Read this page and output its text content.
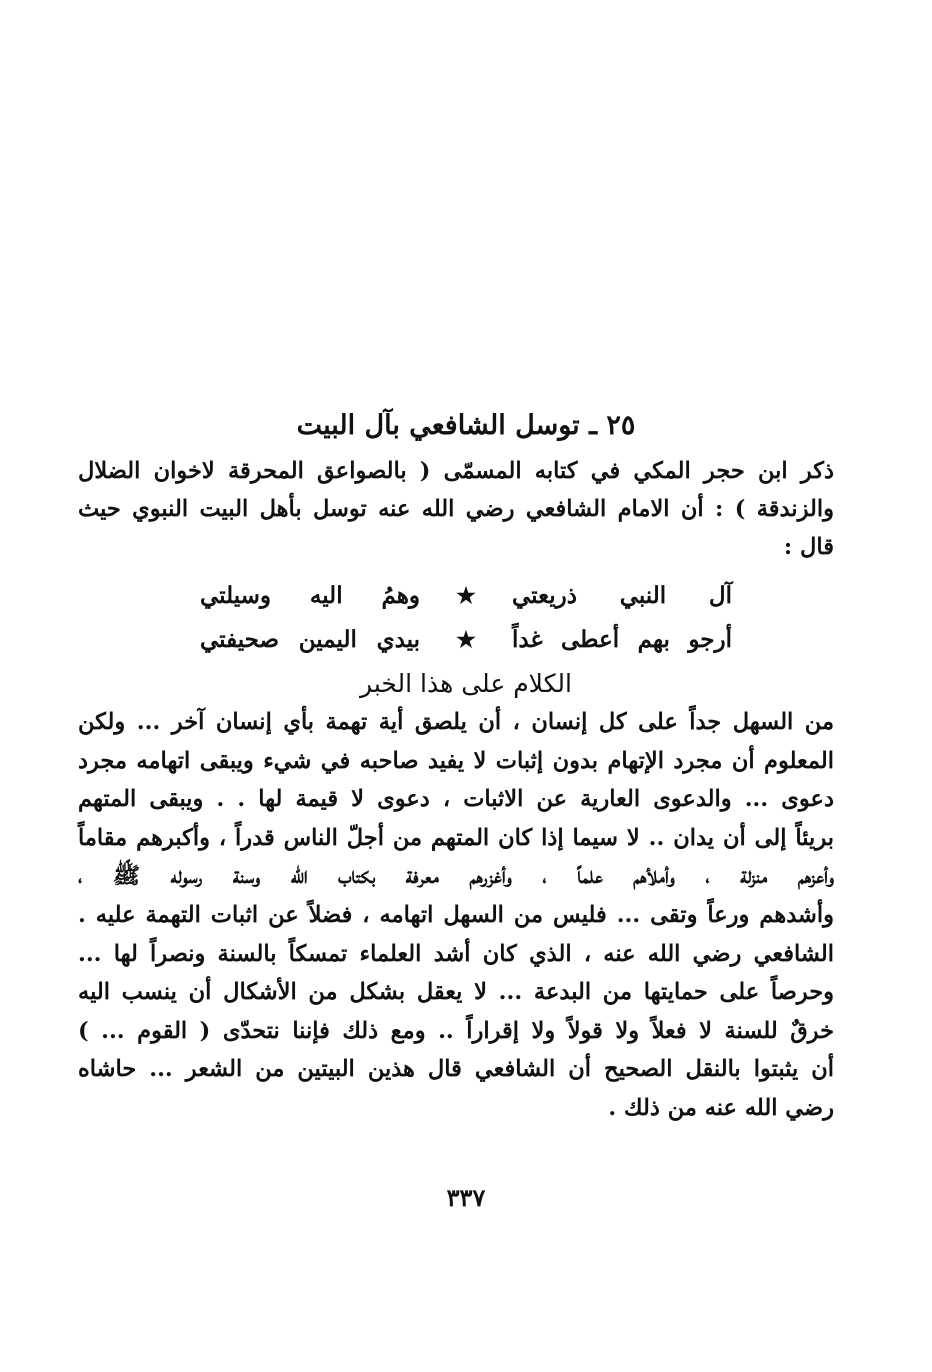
٢٥ ـ توسل الشافعي بآل البيت
ذكر ابن حجر المكي في كتابه المسمّى ( بالصواعق المحرقة لاخوان الضلال
والزندقة ) : أن الامام الشافعي رضي الله عنه توسل بأهل البيت النبوي حيث
قال :
آل النبي ذريعتي
★
وهمُ اليه وسيلتي
أرجو بهم أعطى غداً
★
بيدي اليمين صحيفتي
الكلام على هذا الخبر
من السهل جداً على كل إنسان ، أن يلصق أية تهمة بأي إنسان آخر ... ولكن
المعلوم أن مجرد الإتهام بدون إثبات لا يفيد صاحبه في شيء ويبقى اتهامه مجرد
دعوى ... والدعوى العارية عن الاثبات ، دعوى لا قيمة لها . . ويبقى المتهم
بريئاً إلى أن يدان .. لا سيما إذا كان المتهم من أجلّ الناس قدراً ، وأكبرهم مقاماً
وأعزهم منزلة ، وأملأهم علماً ، وأغزرهم معرفة بكتاب الله وسنة رسوله ﷺ ،
وأشدهم ورعاً وتقى ... فليس من السهل اتهامه ، فضلاً عن اثبات التهمة عليه .
الشافعي رضي الله عنه ، الذي كان أشد العلماء تمسكاً بالسنة ونصراً لها ...
وحرصاً على حمايتها من البدعة ... لا يعقل بشكل من الأشكال أن ينسب اليه
خرقٌ للسنة لا فعلاً ولا قولاً ولا إقراراً .. ومع ذلك فإننا نتحدّى ( القوم ... )
أن يثبتوا بالنقل الصحيح أن الشافعي قال هذين البيتين من الشعر ... حاشاه
رضي الله عنه من ذلك .
٣٣٧
